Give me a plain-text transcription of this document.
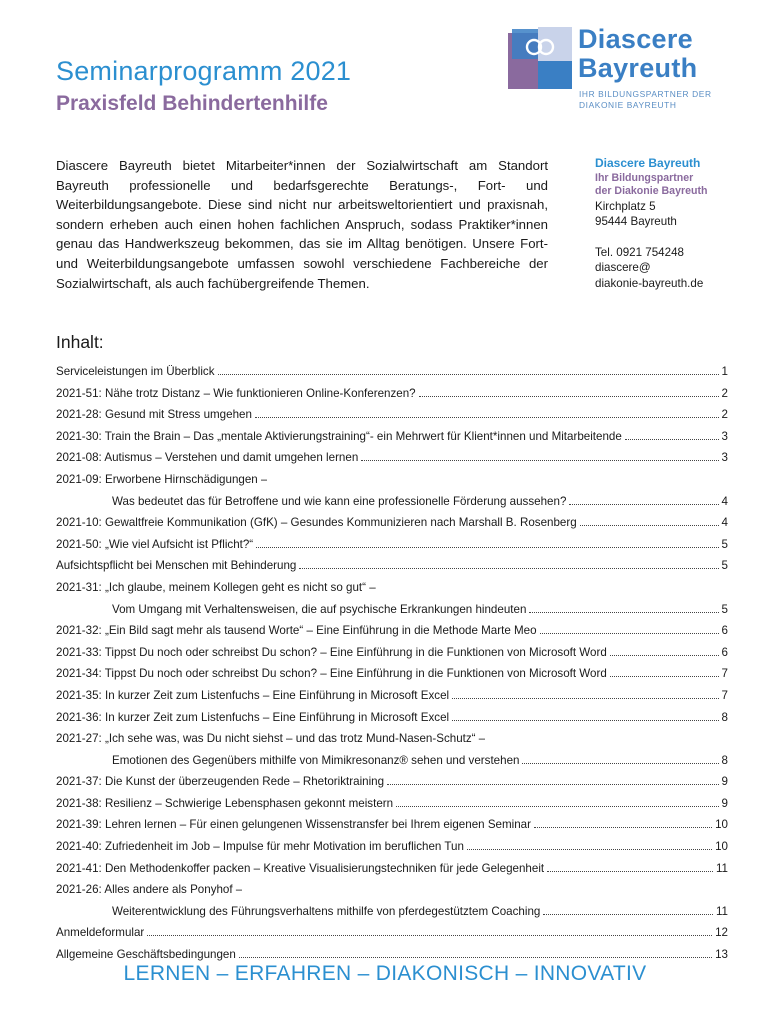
Seminarprogramm 2021
Praxisfeld Behindertenhilfe
Diascere
Bayreuth
IHR BILDUNGSPARTNER DER
DIAKONIE BAYREUTH

Diascere Bayreuth bietet Mitarbeiter*innen der Sozialwirtschaft am Standort Bayreuth professionelle und bedarfsgerechte Beratungs-, Fort- und Weiterbildungsangebote. Diese sind nicht nur arbeitsweltorientiert und praxisnah, sondern erheben auch einen hohen fachlichen Anspruch, sodass Praktiker*innen genau das Handwerkszeug bekommen, das sie im Alltag benötigen. Unsere Fort- und Weiterbildungsangebote umfassen sowohl verschiedene Fachbereiche der Sozialwirtschaft, als auch fachübergreifende Themen.

Diascere Bayreuth
Ihr Bildungspartner
der Diakonie Bayreuth
Kirchplatz 5
95444 Bayreuth
Tel. 0921 754248
diascere@
diakonie-bayreuth.de
Inhalt:
Serviceleistungen im Überblick	1
2021-51: Nähe trotz Distanz – Wie funktionieren Online-Konferenzen?	2
2021-28: Gesund mit Stress umgehen	2
2021-30: Train the Brain – Das „mentale Aktivierungstraining“- ein Mehrwert für Klient*innen und Mitarbeitende	3
2021-08: Autismus – Verstehen und damit umgehen lernen	3
2021-09: Erworbene Hirnschädigungen –
Was bedeutet das für Betroffene und wie kann eine professionelle Förderung aussehen?	4
2021-10: Gewaltfreie Kommunikation (GfK) – Gesundes Kommunizieren nach Marshall B. Rosenberg	4
2021-50: „Wie viel Aufsicht ist Pflicht?“	5
Aufsichtspflicht bei Menschen mit Behinderung	5
2021-31: „Ich glaube, meinem Kollegen geht es nicht so gut“ –
Vom Umgang mit Verhaltensweisen, die auf psychische Erkrankungen hindeuten	5
2021-32: „Ein Bild sagt mehr als tausend Worte“ – Eine Einführung in die Methode Marte Meo	6
2021-33: Tippst Du noch oder schreibst Du schon? – Eine Einführung in die Funktionen von Microsoft Word	6
2021-34: Tippst Du noch oder schreibst Du schon? – Eine Einführung in die Funktionen von Microsoft Word	7
2021-35: In kurzer Zeit zum Listenfuchs – Eine Einführung in Microsoft Excel	7
2021-36: In kurzer Zeit zum Listenfuchs – Eine Einführung in Microsoft Excel	8
2021-27: „Ich sehe was, was Du nicht siehst – und das trotz Mund-Nasen-Schutz“ –
Emotionen des Gegenübers mithilfe von Mimikresonanz® sehen und verstehen	8
2021-37: Die Kunst der überzeugenden Rede – Rhetoriktraining	9
2021-38: Resilienz – Schwierige Lebensphasen gekonnt meistern	9
2021-39: Lehren lernen – Für einen gelungenen Wissenstransfer bei Ihrem eigenen Seminar	10
2021-40: Zufriedenheit im Job – Impulse für mehr Motivation im beruflichen Tun	10
2021-41: Den Methodenkoffer packen – Kreative Visualisierungstechniken für jede Gelegenheit	11
2021-26: Alles andere als Ponyhof –
Weiterentwicklung des Führungsverhaltens mithilfe von pferdegestütztem Coaching	11
Anmeldeformular	12
Allgemeine Geschäftsbedingungen	13
LERNEN – ERFAHREN – DIAKONISCH – INNOVATIV
